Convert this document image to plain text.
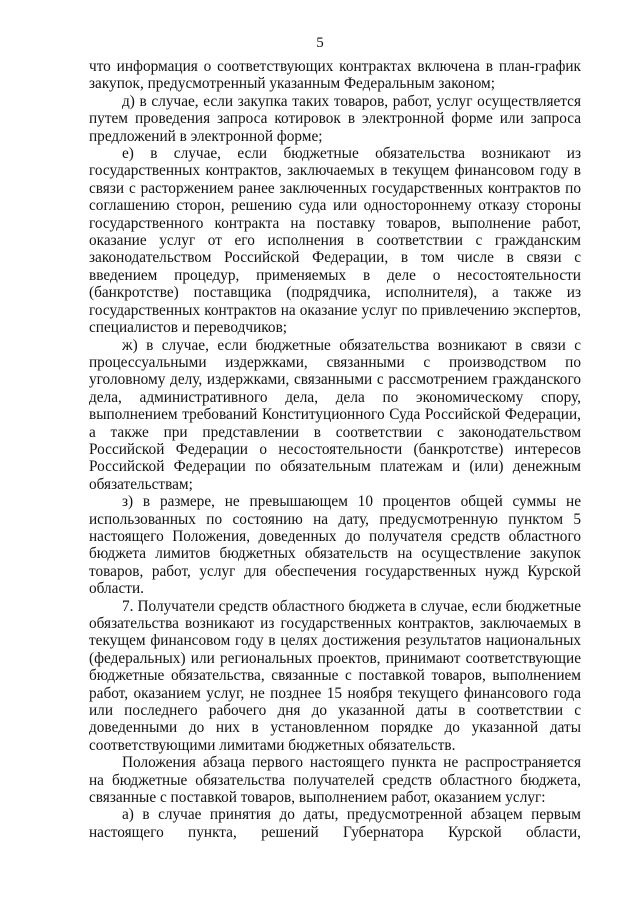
5

что информация о соответствующих контрактах включена в план-график закупок, предусмотренный указанным Федеральным законом;

д) в случае, если закупка таких товаров, работ, услуг осуществляется путем проведения запроса котировок в электронной форме или запроса предложений в электронной форме;

е) в случае, если бюджетные обязательства возникают из государственных контрактов, заключаемых в текущем финансовом году в связи с расторжением ранее заключенных государственных контрактов по соглашению сторон, решению суда или одностороннему отказу стороны государственного контракта на поставку товаров, выполнение работ, оказание услуг от его исполнения в соответствии с гражданским законодательством Российской Федерации, в том числе в связи с введением процедур, применяемых в деле о несостоятельности (банкротстве) поставщика (подрядчика, исполнителя), а также из государственных контрактов на оказание услуг по привлечению экспертов, специалистов и переводчиков;

ж) в случае, если бюджетные обязательства возникают в связи с процессуальными издержками, связанными с производством по уголовному делу, издержками, связанными с рассмотрением гражданского дела, административного дела, дела по экономическому спору, выполнением требований Конституционного Суда Российской Федерации, а также при представлении в соответствии с законодательством Российской Федерации о несостоятельности (банкротстве) интересов Российской Федерации по обязательным платежам и (или) денежным обязательствам;

з) в размере, не превышающем 10 процентов общей суммы не использованных по состоянию на дату, предусмотренную пунктом 5 настоящего Положения, доведенных до получателя средств областного бюджета лимитов бюджетных обязательств на осуществление закупок товаров, работ, услуг для обеспечения государственных нужд Курской области.

7. Получатели средств областного бюджета в случае, если бюджетные обязательства возникают из государственных контрактов, заключаемых в текущем финансовом году в целях достижения результатов национальных (федеральных) или региональных проектов, принимают соответствующие бюджетные обязательства, связанные с поставкой товаров, выполнением работ, оказанием услуг, не позднее 15 ноября текущего финансового года или последнего рабочего дня до указанной даты в соответствии с доведенными до них в установленном порядке до указанной даты соответствующими лимитами бюджетных обязательств.

Положения абзаца первого настоящего пункта не распространяется на бюджетные обязательства получателей средств областного бюджета, связанные с поставкой товаров, выполнением работ, оказанием услуг:

а) в случае принятия до даты, предусмотренной абзацем первым настоящего пункта, решений Губернатора Курской области,
